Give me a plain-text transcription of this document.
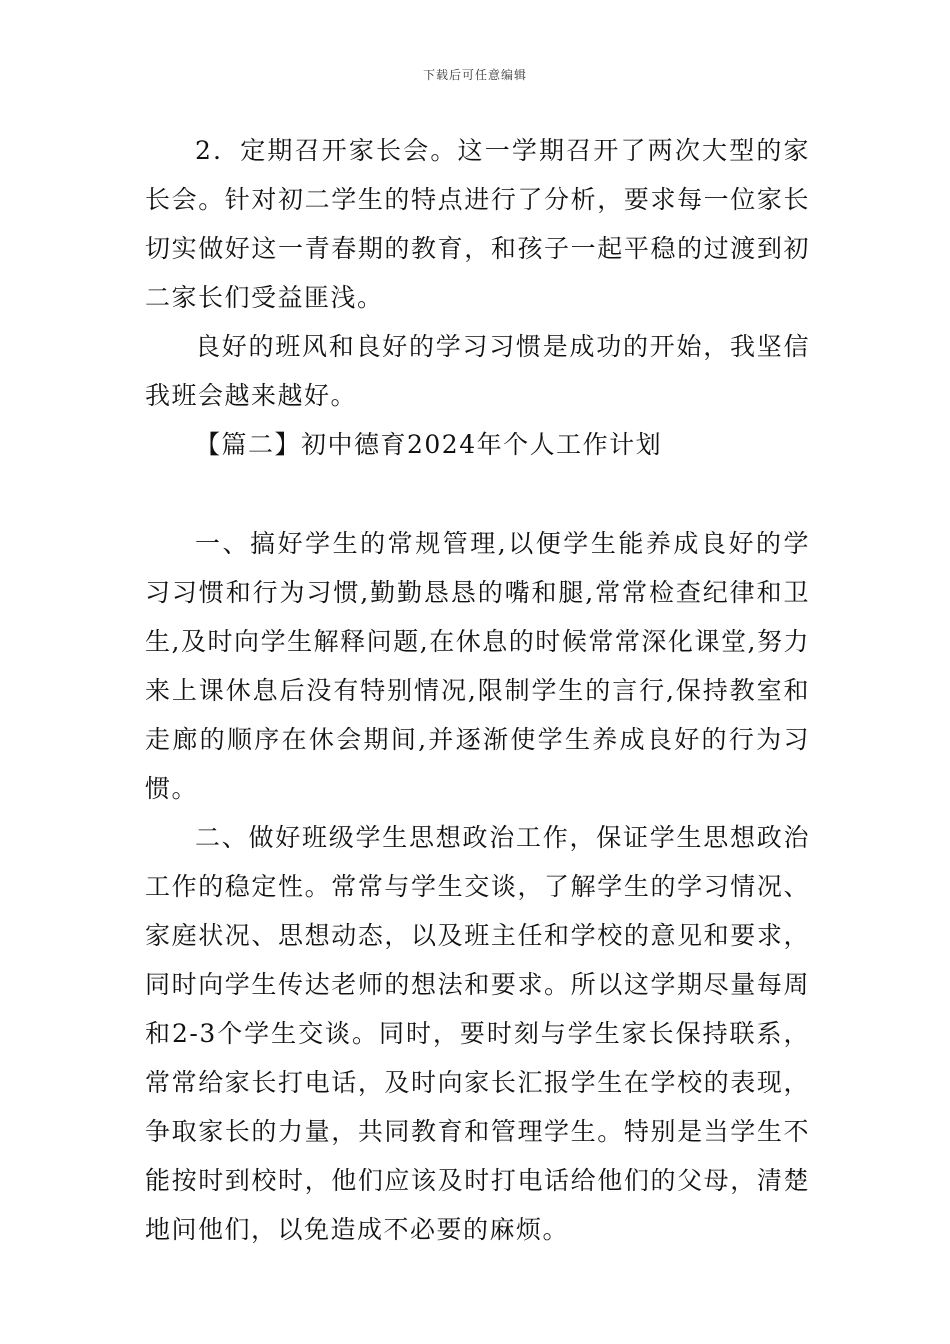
下载后可任意编辑

2．定期召开家长会。这一学期召开了两次大型的家长会。针对初二学生的特点进行了分析，要求每一位家长切实做好这一青春期的教育，和孩子一起平稳的过渡到初二家长们受益匪浅。

良好的班风和良好的学习习惯是成功的开始，我坚信我班会越来越好。

【篇二】初中德育2024年个人工作计划

一、搞好学生的常规管理,以便学生能养成良好的学习习惯和行为习惯,勤勤恳恳的嘴和腿,常常检查纪律和卫生,及时向学生解释问题,在休息的时候常常深化课堂,努力来上课休息后没有特别情况,限制学生的言行,保持教室和走廊的顺序在休会期间,并逐渐使学生养成良好的行为习惯。

二、做好班级学生思想政治工作，保证学生思想政治工作的稳定性。常常与学生交谈，了解学生的学习情况、家庭状况、思想动态，以及班主任和学校的意见和要求，同时向学生传达老师的想法和要求。所以这学期尽量每周和2-3个学生交谈。同时，要时刻与学生家长保持联系，常常给家长打电话，及时向家长汇报学生在学校的表现，争取家长的力量，共同教育和管理学生。特别是当学生不能按时到校时，他们应该及时打电话给他们的父母，清楚地问他们，以免造成不必要的麻烦。
